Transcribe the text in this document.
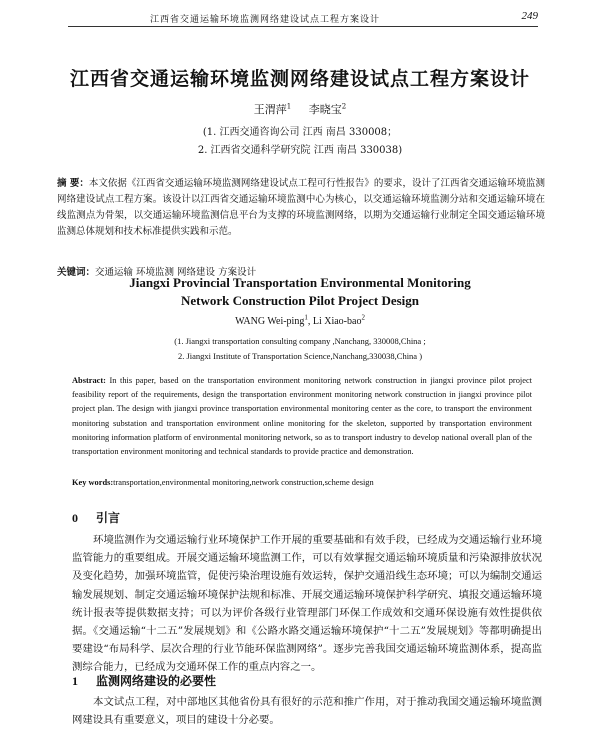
江西省交通运输环境监测网络建设试点工程方案设计	249
江西省交通运输环境监测网络建设试点工程方案设计
王渭萍$^1$ 李晓宝$^2$
(1. 江西交通咨询公司 江西 南昌 330008；
2. 江西省交通科学研究院 江西 南昌 330038)
摘 要：本文依据《江西省交通运输环境监测网络建设试点工程可行性报告》的要求，设计了江西省交通运输环境监测网络建设试点工程方案。该设计以江西省交通运输环境监测中心为核心，以交通运输环境监测分站和交通运输环境在线监测点为骨架，以交通运输环境监测信息平台为支撑的环境监测网络，以期为交通运输行业制定全国交通运输环境监测总体规划和技术标准提供实践和示范。
关键词：交通运输 环境监测 网络建设 方案设计
Jiangxi Provincial Transportation Environmental Monitoring
Network Construction Pilot Project Design
WANG Wei-ping$^1$, Li Xiao-bao$^2$
(1. Jiangxi transportation consulting company ,Nanchang, 330008,China ;
2. Jiangxi Institute of Transportation Science,Nanchang,330038,China )
Abstract: In this paper, based on the transportation environment monitoring network construction in jiangxi province pilot project feasibility report of the requirements, design the transportation environment monitoring network construction in jiangxi province pilot project plan. The design with jiangxi province transportation environmental monitoring center as the core, to transport the environment monitoring substation and transportation environment online monitoring for the skeleton, supported by transportation environment monitoring information platform of environmental monitoring network, so as to transport industry to develop national overall plan of the transportation environment monitoring and technical standards to provide practice and demonstration.
Key words:transportation,environmental monitoring,network construction,scheme design
0 引言
环境监测作为交通运输行业环境保护工作开展的重要基础和有效手段，已经成为交通运输行业环境监管能力的重要组成。开展交通运输环境监测工作，可以有效掌握交通运输环境质量和污染源排放状况及变化趋势，加强环境监管，促使污染治理设施有效运转，保护交通沿线生态环境；可以为编制交通运输发展规划、制定交通运输环境保护法规和标准、开展交通运输环境保护科学研究、填报交通运输环境统计报表等提供数据支持；可以为评价各级行业管理部门环保工作成效和交通环保设施有效性提供依据。《交通运输“十二五”发展规划》和《公路水路交通运输环境保护“十二五”发展规划》等都明确提出要建设“布局科学、层次合理的行业节能环保监测网络”。逐步完善我国交通运输环境监测体系，提高监测综合能力，已经成为交通环保工作的重点内容之一。
1 监测网络建设的必要性
本文试点工程，对中部地区其他省份具有很好的示范和推广作用，对于推动我国交通运输环境监测网建设具有重要意义，项目的建设十分必要。
